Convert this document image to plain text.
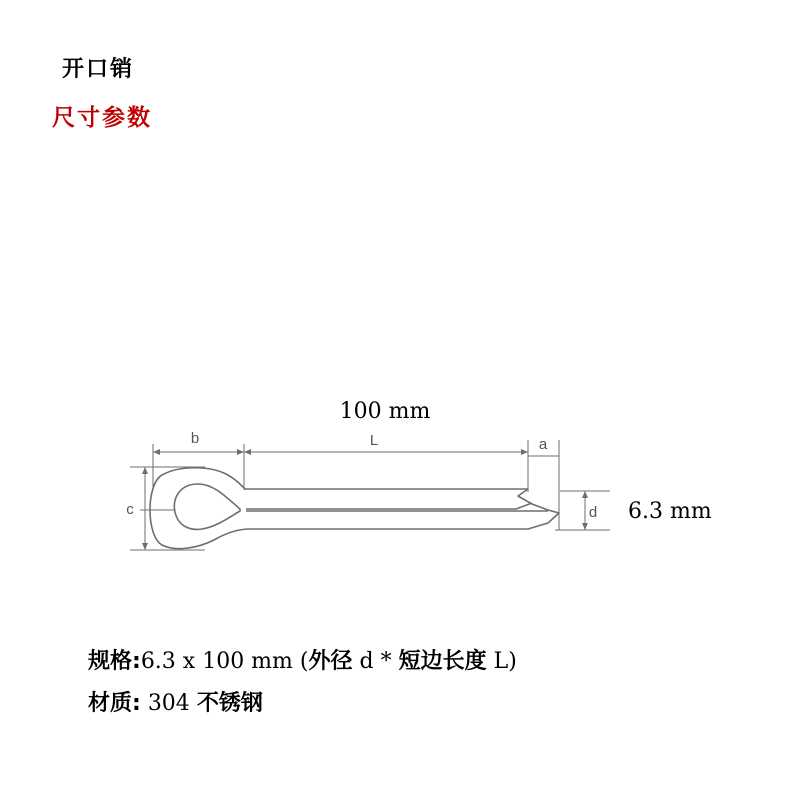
开口销
尺寸参数
100 mm
b	L	a
c	d 6.3 mm
规格:6.3 x 100 mm (外径 d * 短边长度 L)
材质: 304 不锈钢
